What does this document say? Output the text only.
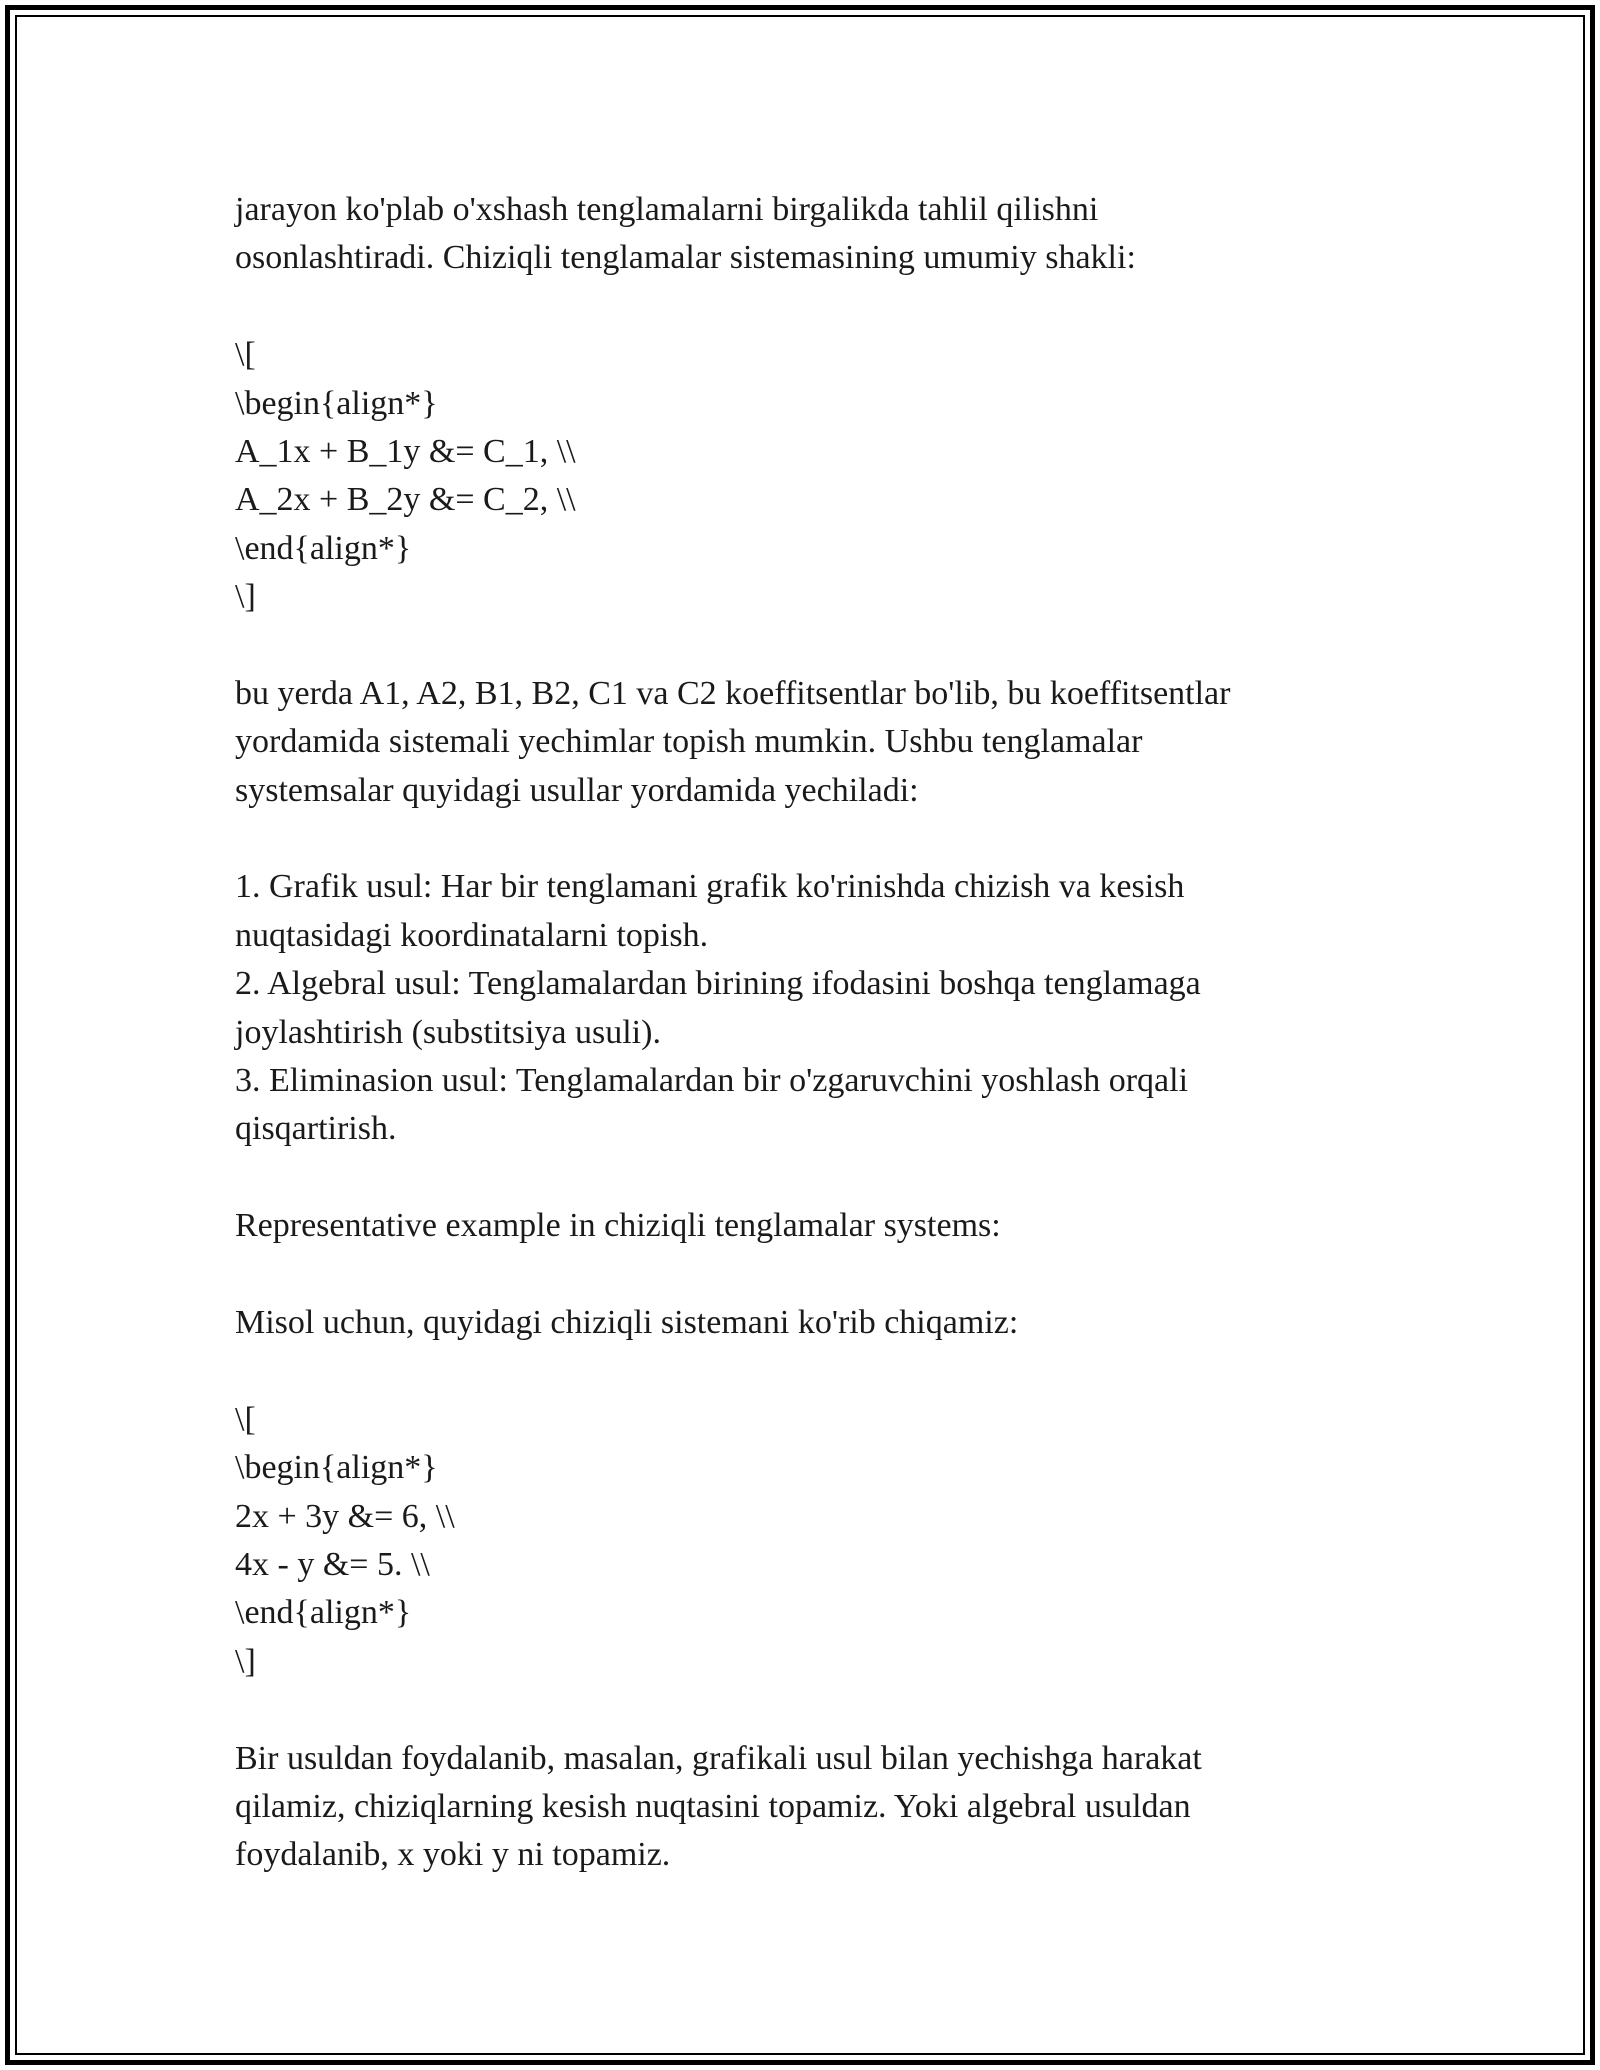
jarayon ko'plab o'xshash tenglamalarni birgalikda tahlil qilishni
osonlashtiradi. Chiziqli tenglamalar sistemasining umumiy shakli:
\[
\begin{align*}
A_1x + B_1y &= C_1, \\
A_2x + B_2y &= C_2, \\
\end{align*}
\]
bu yerda A1, A2, B1, B2, C1 va C2 koeffitsentlar bo'lib, bu koeffitsentlar
yordamida sistemali yechimlar topish mumkin. Ushbu tenglamalar
systemsalar quyidagi usullar yordamida yechiladi:
1. Grafik usul: Har bir tenglamani grafik ko'rinishda chizish va kesish
nuqtasidagi koordinatalarni topish.
2. Algebral usul: Tenglamalardan birining ifodasini boshqa tenglamaga
joylashtirish (substitsiya usuli).
3. Eliminasion usul: Tenglamalardan bir o'zgaruvchini yoshlash orqali
qisqartirish.
Representative example in chiziqli tenglamalar systems:
Misol uchun, quyidagi chiziqli sistemani ko'rib chiqamiz:
\[
\begin{align*}
2x + 3y &= 6, \\
4x - y &= 5. \\
\end{align*}
\]
Bir usuldan foydalanib, masalan, grafikali usul bilan yechishga harakat
qilamiz, chiziqlarning kesish nuqtasini topamiz. Yoki algebral usuldan
foydalanib, x yoki y ni topamiz.
